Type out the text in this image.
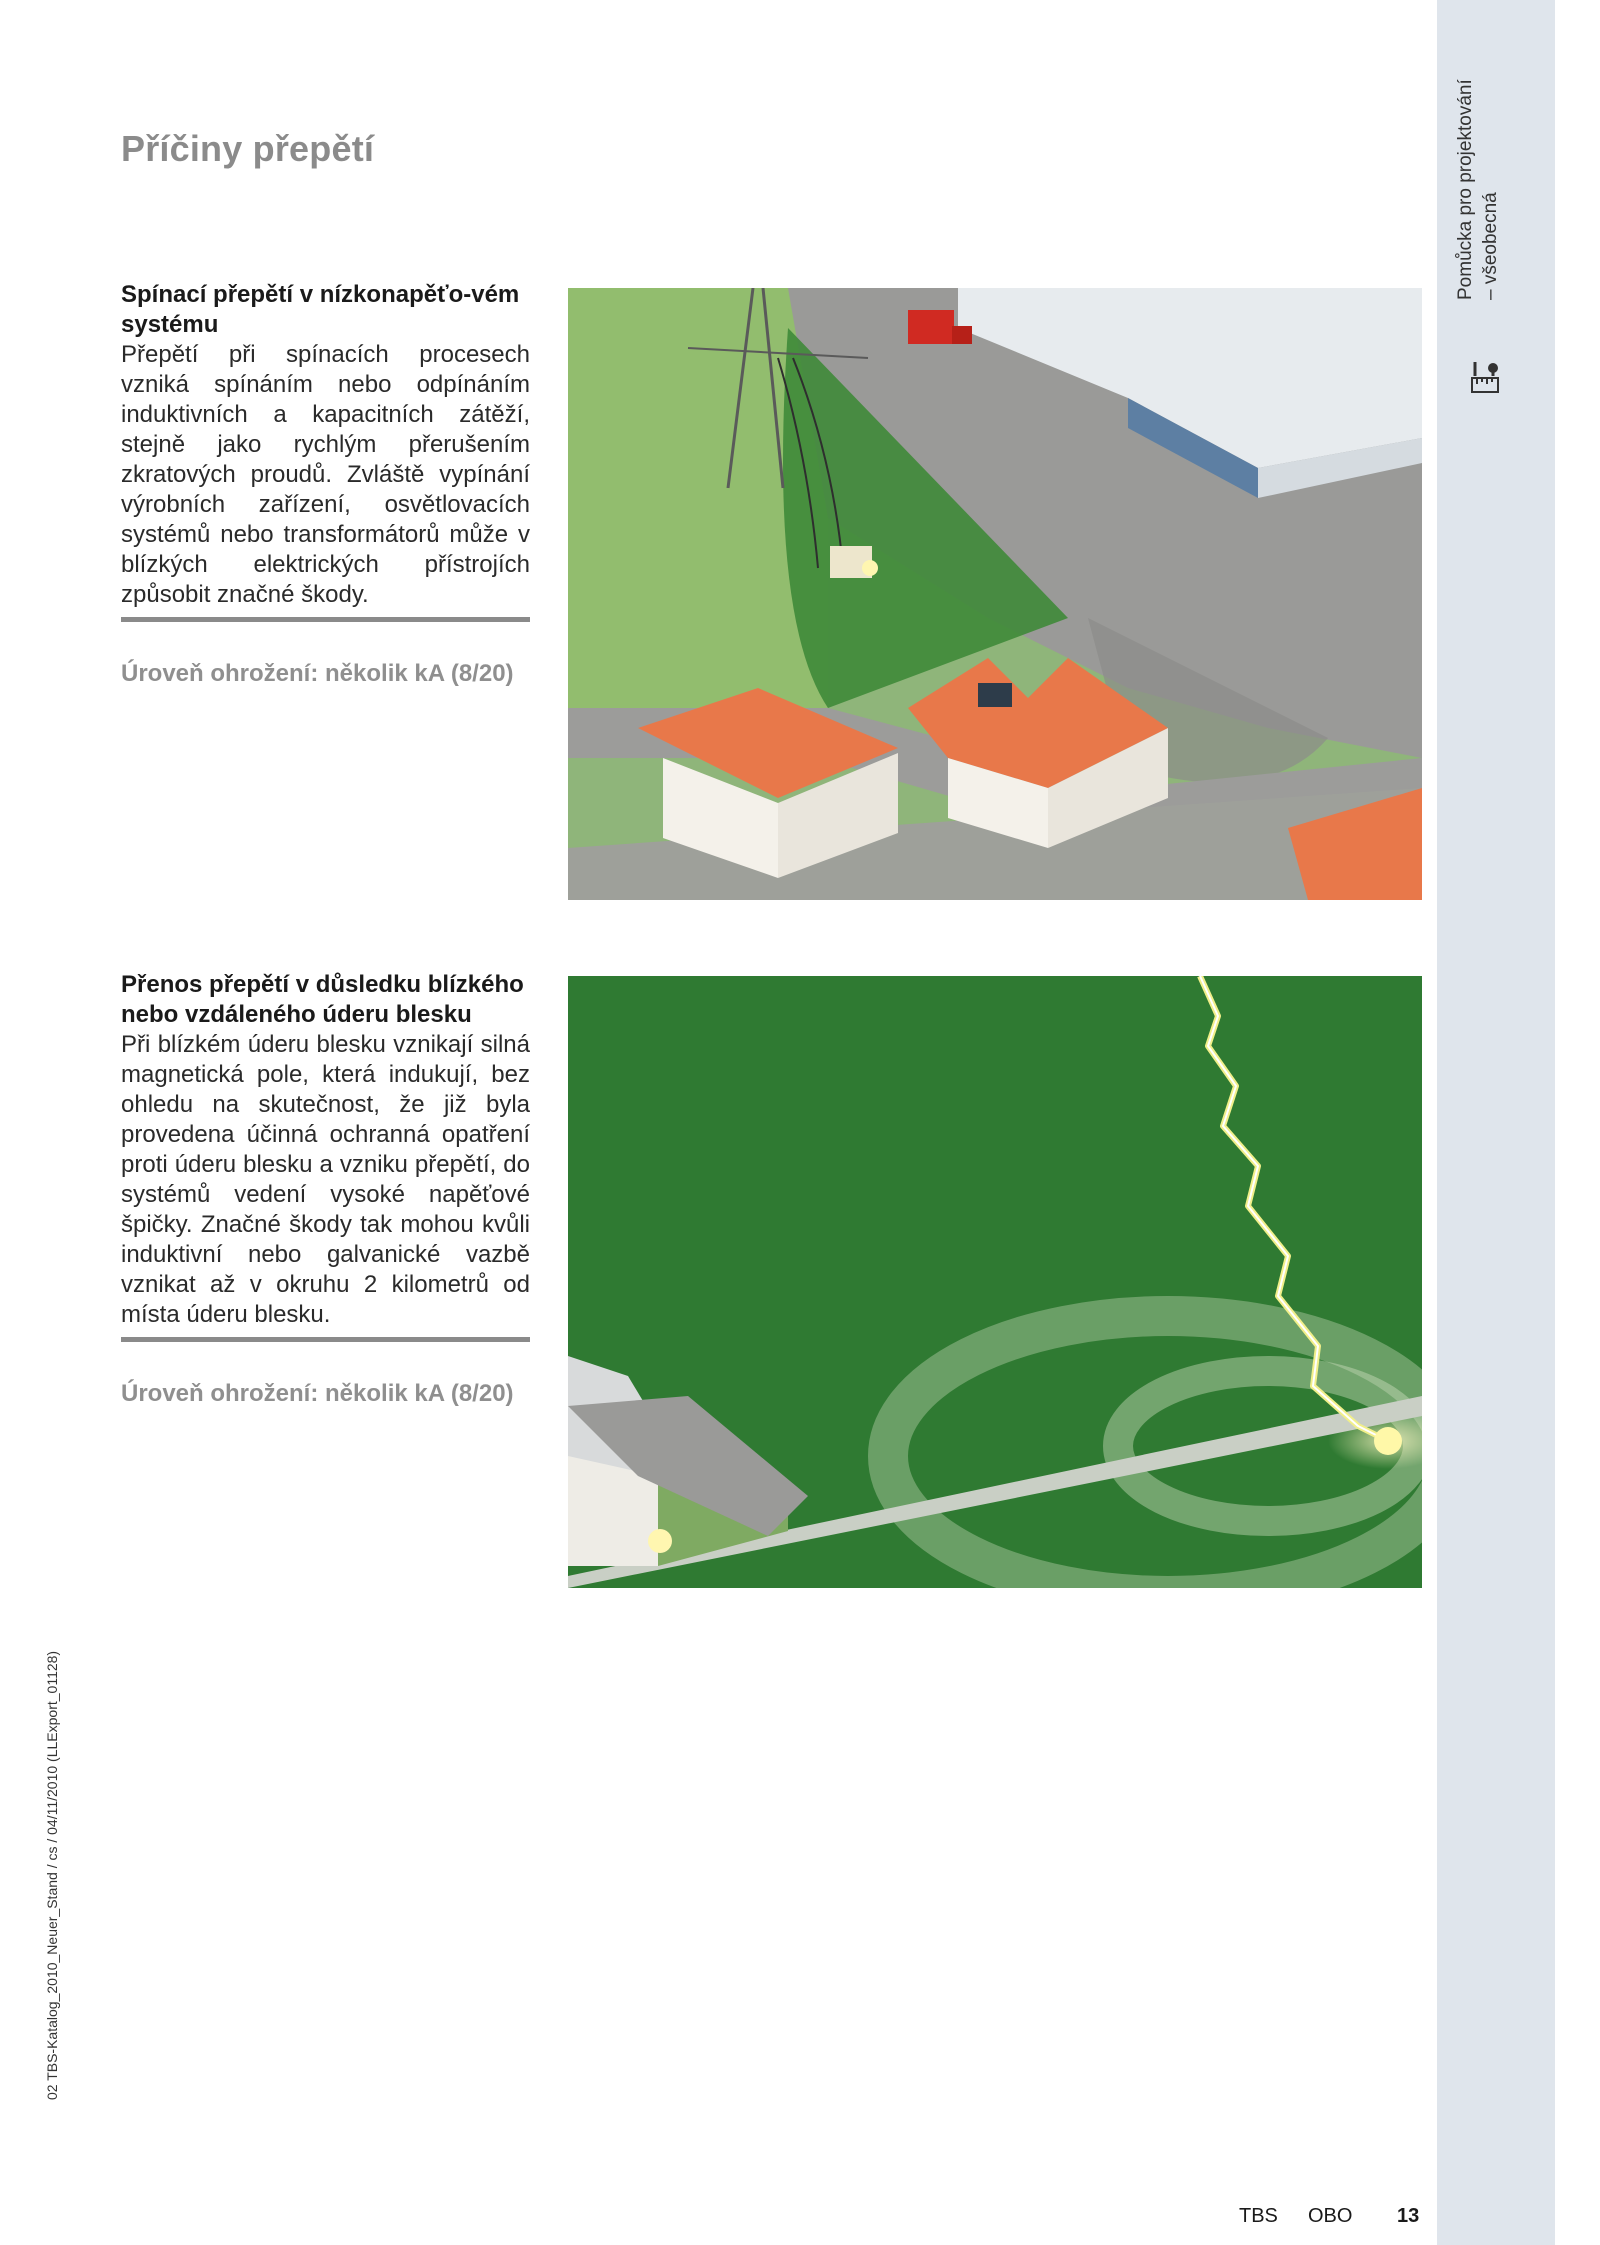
Příčiny přepětí
Spínací přepětí v nízkonapěťo-vém systému

Přepětí při spínacích procesech vzniká spínáním nebo odpínáním induktivních a kapacitních zátěží, stejně jako rychlým přerušením zkratových proudů. Zvláště vypínání výrobních zařízení, osvětlovacích systémů nebo transformátorů může v blízkých elektrických přístrojích způsobit značné škody.

Úroveň ohrožení: několik kA (8/20)

Přenos přepětí v důsledku blízkého nebo vzdáleného úderu blesku

Při blízkém úderu blesku vznikají silná magnetická pole, která indukují, bez ohledu na skutečnost, že již byla provedena účinná ochranná opatření proti úderu blesku a vzniku přepětí, do systémů vedení vysoké napěťové špičky. Značné škody tak mohou kvůli induktivní nebo galvanické vazbě vznikat až v okruhu 2 kilometrů od místa úderu blesku.

Úroveň ohrožení: několik kA (8/20)

Pomůcka pro projektování – všeobecná
02 TBS-Katalog_2010_Neuer_Stand / cs / 04/11/2010 (LLExport_01128)
TBS OBO 13
